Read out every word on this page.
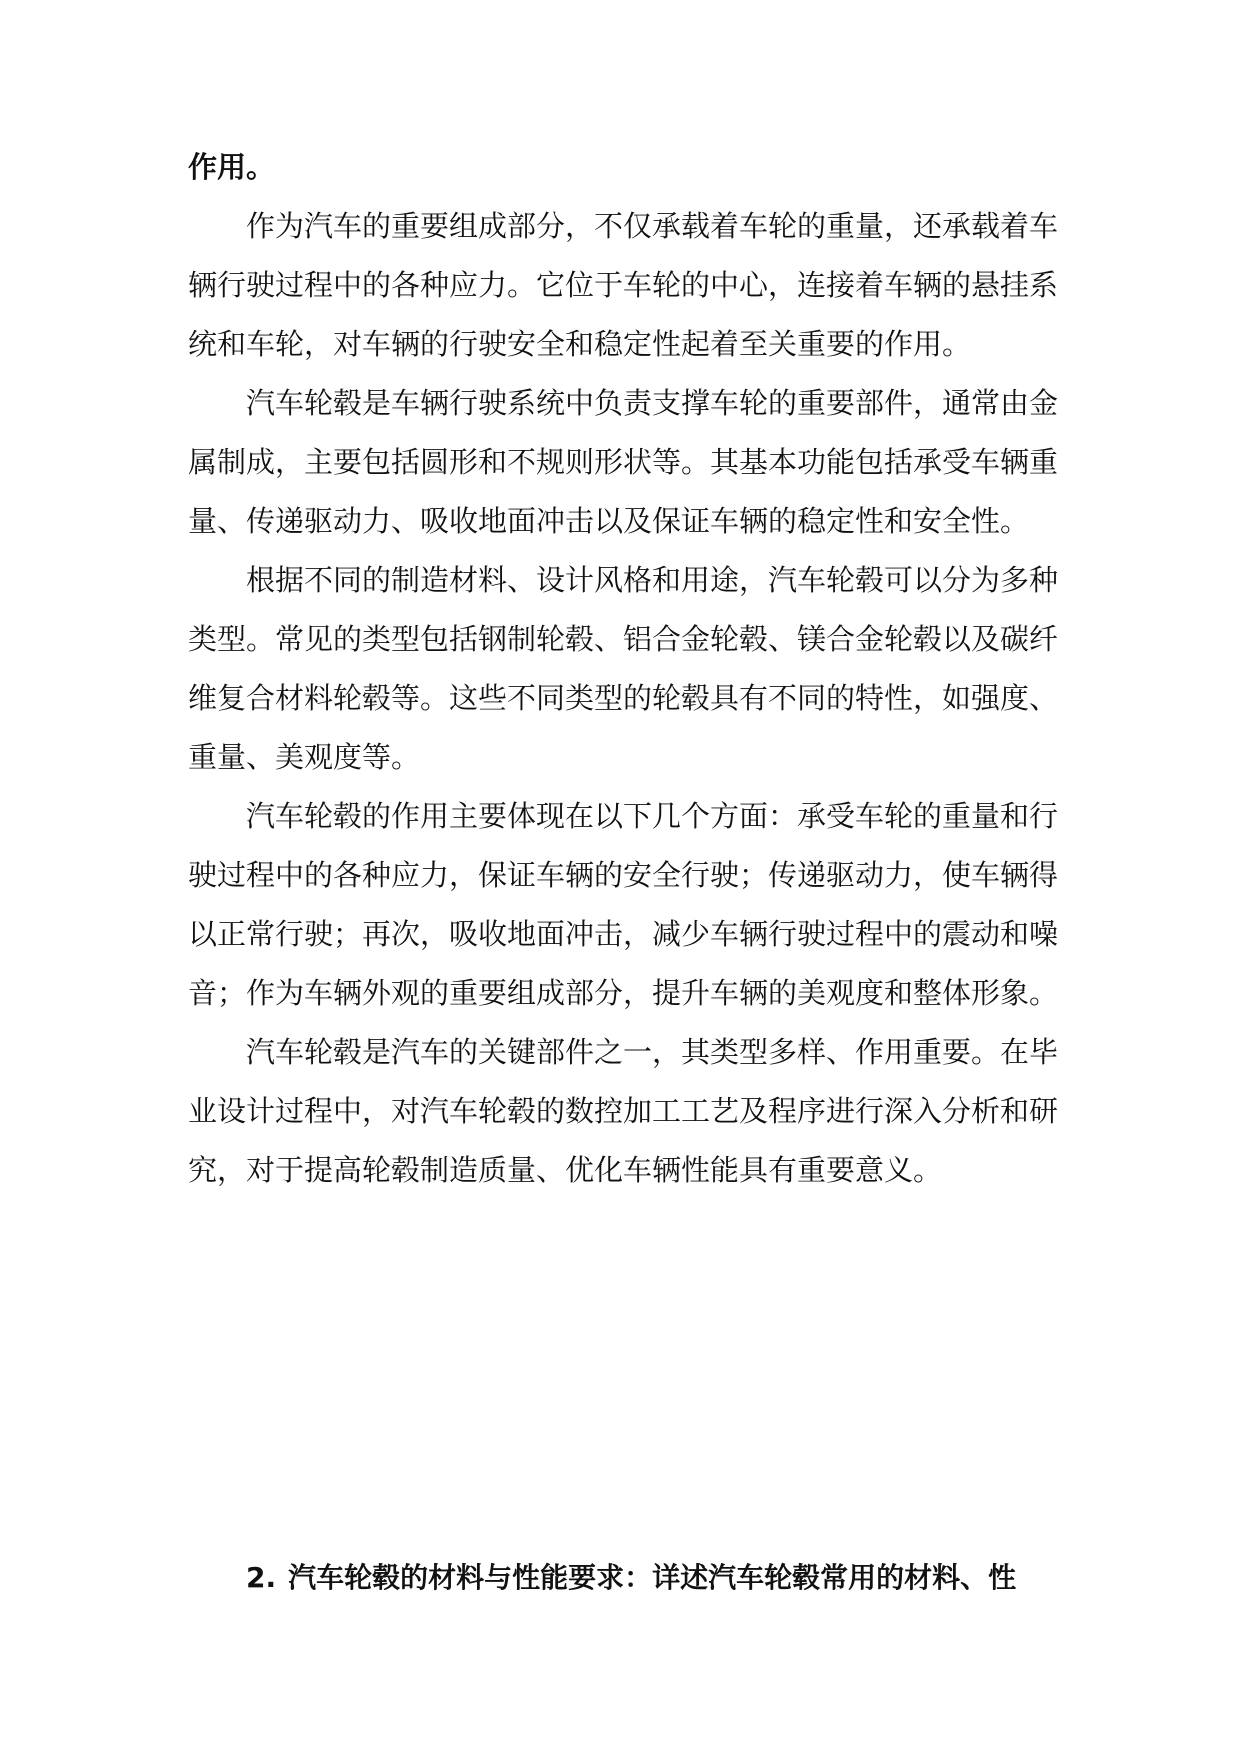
作用。
作为汽车的重要组成部分，不仅承载着车轮的重量，还承载着车
辆行驶过程中的各种应力。它位于车轮的中心，连接着车辆的悬挂系
统和车轮，对车辆的行驶安全和稳定性起着至关重要的作用。
汽车轮毂是车辆行驶系统中负责支撑车轮的重要部件，通常由金
属制成，主要包括圆形和不规则形状等。其基本功能包括承受车辆重
量、传递驱动力、吸收地面冲击以及保证车辆的稳定性和安全性。
根据不同的制造材料、设计风格和用途，汽车轮毂可以分为多种
类型。常见的类型包括钢制轮毂、铝合金轮毂、镁合金轮毂以及碳纤
维复合材料轮毂等。这些不同类型的轮毂具有不同的特性，如强度、
重量、美观度等。
汽车轮毂的作用主要体现在以下几个方面：承受车轮的重量和行
驶过程中的各种应力，保证车辆的安全行驶；传递驱动力，使车辆得
以正常行驶；再次，吸收地面冲击，减少车辆行驶过程中的震动和噪
音；作为车辆外观的重要组成部分，提升车辆的美观度和整体形象。
汽车轮毂是汽车的关键部件之一，其类型多样、作用重要。在毕
业设计过程中，对汽车轮毂的数控加工工艺及程序进行深入分析和研
究，对于提高轮毂制造质量、优化车辆性能具有重要意义。
2. 汽车轮毂的材料与性能要求：详述汽车轮毂常用的材料、性
